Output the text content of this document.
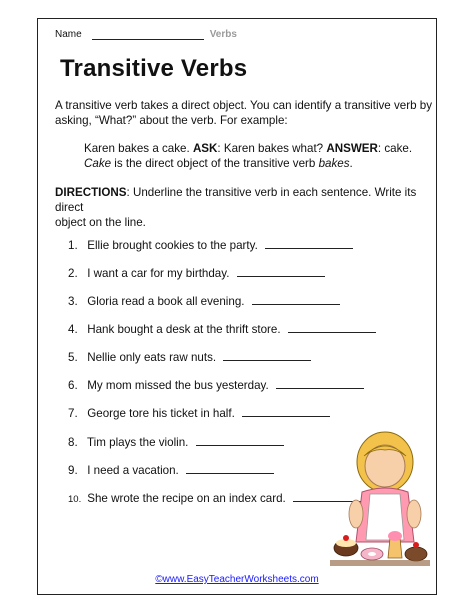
Name	Verbs
Transitive Verbs
A transitive verb takes a direct object. You can identify a transitive verb by
asking, “What?” about the verb. For example:
Karen bakes a cake. ASK: Karen bakes what? ANSWER: cake.
Cake is the direct object of the transitive verb bakes.
DIRECTIONS: Underline the transitive verb in each sentence. Write its direct
object on the line.
1. Ellie brought cookies to the party.
2. I want a car for my birthday.
3. Gloria read a book all evening.
4. Hank bought a desk at the thrift store.
5. Nellie only eats raw nuts.
6. My mom missed the bus yesterday.
7. George tore his ticket in half.
8. Tim plays the violin.
9. I need a vacation.
10. She wrote the recipe on an index card.
©www.EasyTeacherWorksheets.com
